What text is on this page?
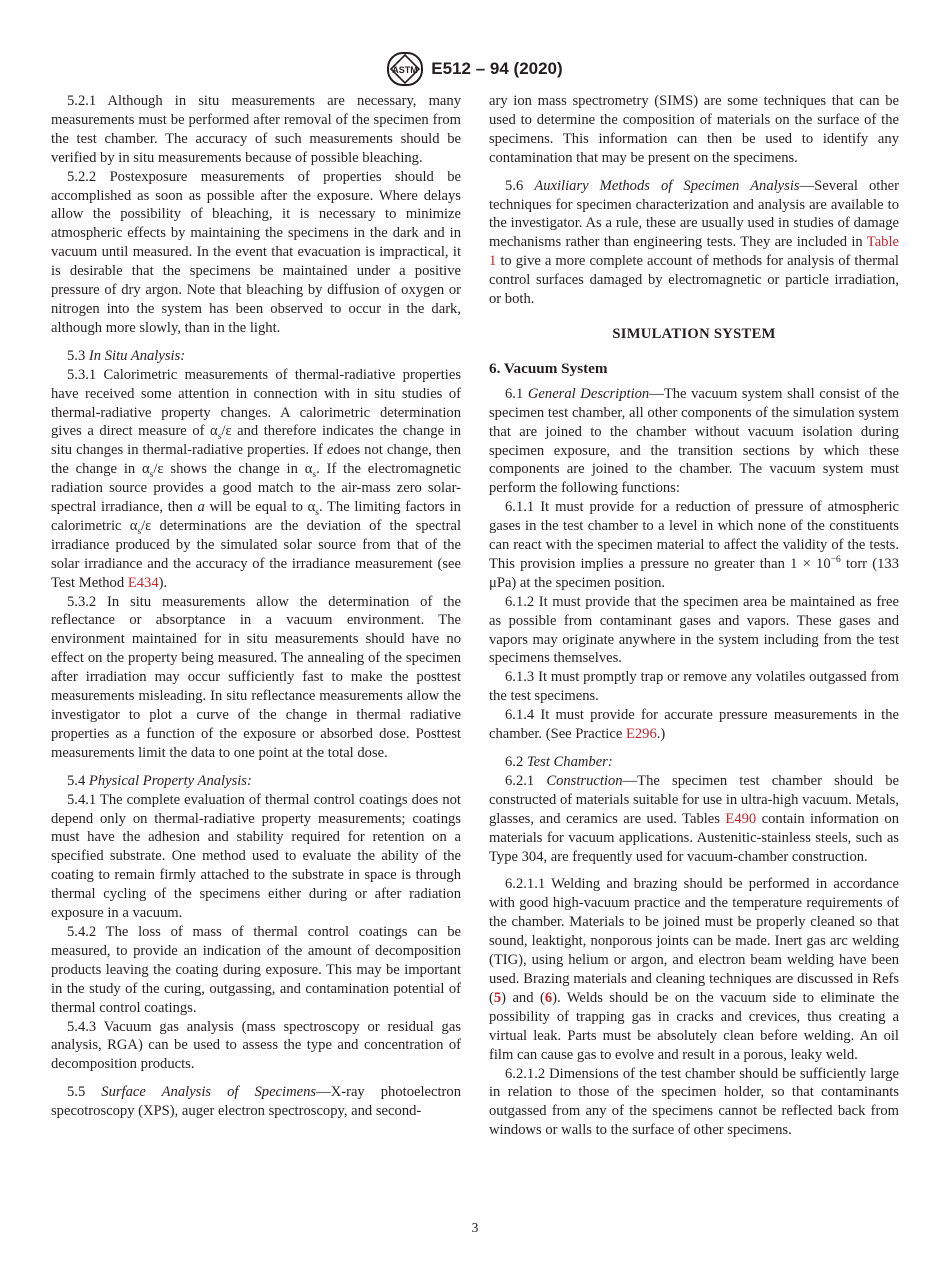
ASTM E512 – 94 (2020)

5.2.1 Although in situ measurements are necessary, many measurements must be performed after removal of the specimen from the test chamber. The accuracy of such measurements should be verified by in situ measurements because of possible bleaching.

5.2.2 Postexposure measurements of properties should be accomplished as soon as possible after the exposure. Where delays allow the possibility of bleaching, it is necessary to minimize atmospheric effects by maintaining the specimens in the dark and in vacuum until measured. In the event that evacuation is impractical, it is desirable that the specimens be maintained under a positive pressure of dry argon. Note that bleaching by diffusion of oxygen or nitrogen into the system has been observed to occur in the dark, although more slowly, than in the light.

5.3 In Situ Analysis:

5.3.1 Calorimetric measurements of thermal-radiative properties have received some attention in connection with in situ studies of thermal-radiative property changes. A calorimetric determination gives a direct measure of $\alpha_s/\varepsilon$ and therefore indicates the change in situ changes in thermal-radiative properties. If edoes not change, then the change in $\alpha_s/\varepsilon$ shows the change in $\alpha_s$. If the electromagnetic radiation source provides a good match to the air-mass zero solar-spectral irradiance, then a will be equal to $\alpha_s$. The limiting factors in calorimetric $\alpha_s/\varepsilon$ determinations are the deviation of the spectral irradiance produced by the simulated solar source from that of the solar irradiance and the accuracy of the irradiance measurement (see Test Method E434).

5.3.2 In situ measurements allow the determination of the reflectance or absorptance in a vacuum environment. The environment maintained for in situ measurements should have no effect on the property being measured. The annealing of the specimen after irradiation may occur sufficiently fast to make the posttest measurements misleading. In situ reflectance measurements allow the investigator to plot a curve of the change in thermal radiative properties as a function of the exposure or absorbed dose. Posttest measurements limit the data to one point at the total dose.

5.4 Physical Property Analysis:

5.4.1 The complete evaluation of thermal control coatings does not depend only on thermal-radiative property measurements; coatings must have the adhesion and stability required for retention on a specified substrate. One method used to evaluate the ability of the coating to remain firmly attached to the substrate in space is through thermal cycling of the specimens either during or after radiation exposure in a vacuum.

5.4.2 The loss of mass of thermal control coatings can be measured, to provide an indication of the amount of decomposition products leaving the coating during exposure. This may be important in the study of the curing, outgassing, and contamination potential of thermal control coatings.

5.4.3 Vacuum gas analysis (mass spectroscopy or residual gas analysis, RGA) can be used to assess the type and concentration of decomposition products.

5.5 Surface Analysis of Specimens—X-ray photoelectron specotroscopy (XPS), auger electron spectroscopy, and second-

ary ion mass spectrometry (SIMS) are some techniques that can be used to determine the composition of materials on the surface of the specimens. This information can then be used to identify any contamination that may be present on the specimens.

5.6 Auxiliary Methods of Specimen Analysis—Several other techniques for specimen characterization and analysis are available to the investigator. As a rule, these are usually used in studies of damage mechanisms rather than engineering tests. They are included in Table 1 to give a more complete account of methods for analysis of thermal control surfaces damaged by electromagnetic or particle irradiation, or both.

SIMULATION SYSTEM

6. Vacuum System

6.1 General Description—The vacuum system shall consist of the specimen test chamber, all other components of the simulation system that are joined to the chamber without vacuum isolation during specimen exposure, and the transition sections by which these components are joined to the chamber. The vacuum system must perform the following functions:

6.1.1 It must provide for a reduction of pressure of atmospheric gases in the test chamber to a level in which none of the constituents can react with the specimen material to affect the validity of the tests. This provision implies a pressure no greater than $1 \times 10^{-6}$ torr (133 μPa) at the specimen position.

6.1.2 It must provide that the specimen area be maintained as free as possible from contaminant gases and vapors. These gases and vapors may originate anywhere in the system including from the test specimens themselves.

6.1.3 It must promptly trap or remove any volatiles outgassed from the test specimens.

6.1.4 It must provide for accurate pressure measurements in the chamber. (See Practice E296.)

6.2 Test Chamber:

6.2.1 Construction—The specimen test chamber should be constructed of materials suitable for use in ultra-high vacuum. Metals, glasses, and ceramics are used. Tables E490 contain information on materials for vacuum applications. Austenitic-stainless steels, such as Type 304, are frequently used for vacuum-chamber construction.

6.2.1.1 Welding and brazing should be performed in accordance with good high-vacuum practice and the temperature requirements of the chamber. Materials to be joined must be properly cleaned so that sound, leaktight, nonporous joints can be made. Inert gas arc welding (TIG), using helium or argon, and electron beam welding have been used. Brazing materials and cleaning techniques are discussed in Refs (5) and (6). Welds should be on the vacuum side to eliminate the possibility of trapping gas in cracks and crevices, thus creating a virtual leak. Parts must be absolutely clean before welding. An oil film can cause gas to evolve and result in a porous, leaky weld.

6.2.1.2 Dimensions of the test chamber should be sufficiently large in relation to those of the specimen holder, so that contaminants outgassed from any of the specimens cannot be reflected back from windows or walls to the surface of other specimens.

3
